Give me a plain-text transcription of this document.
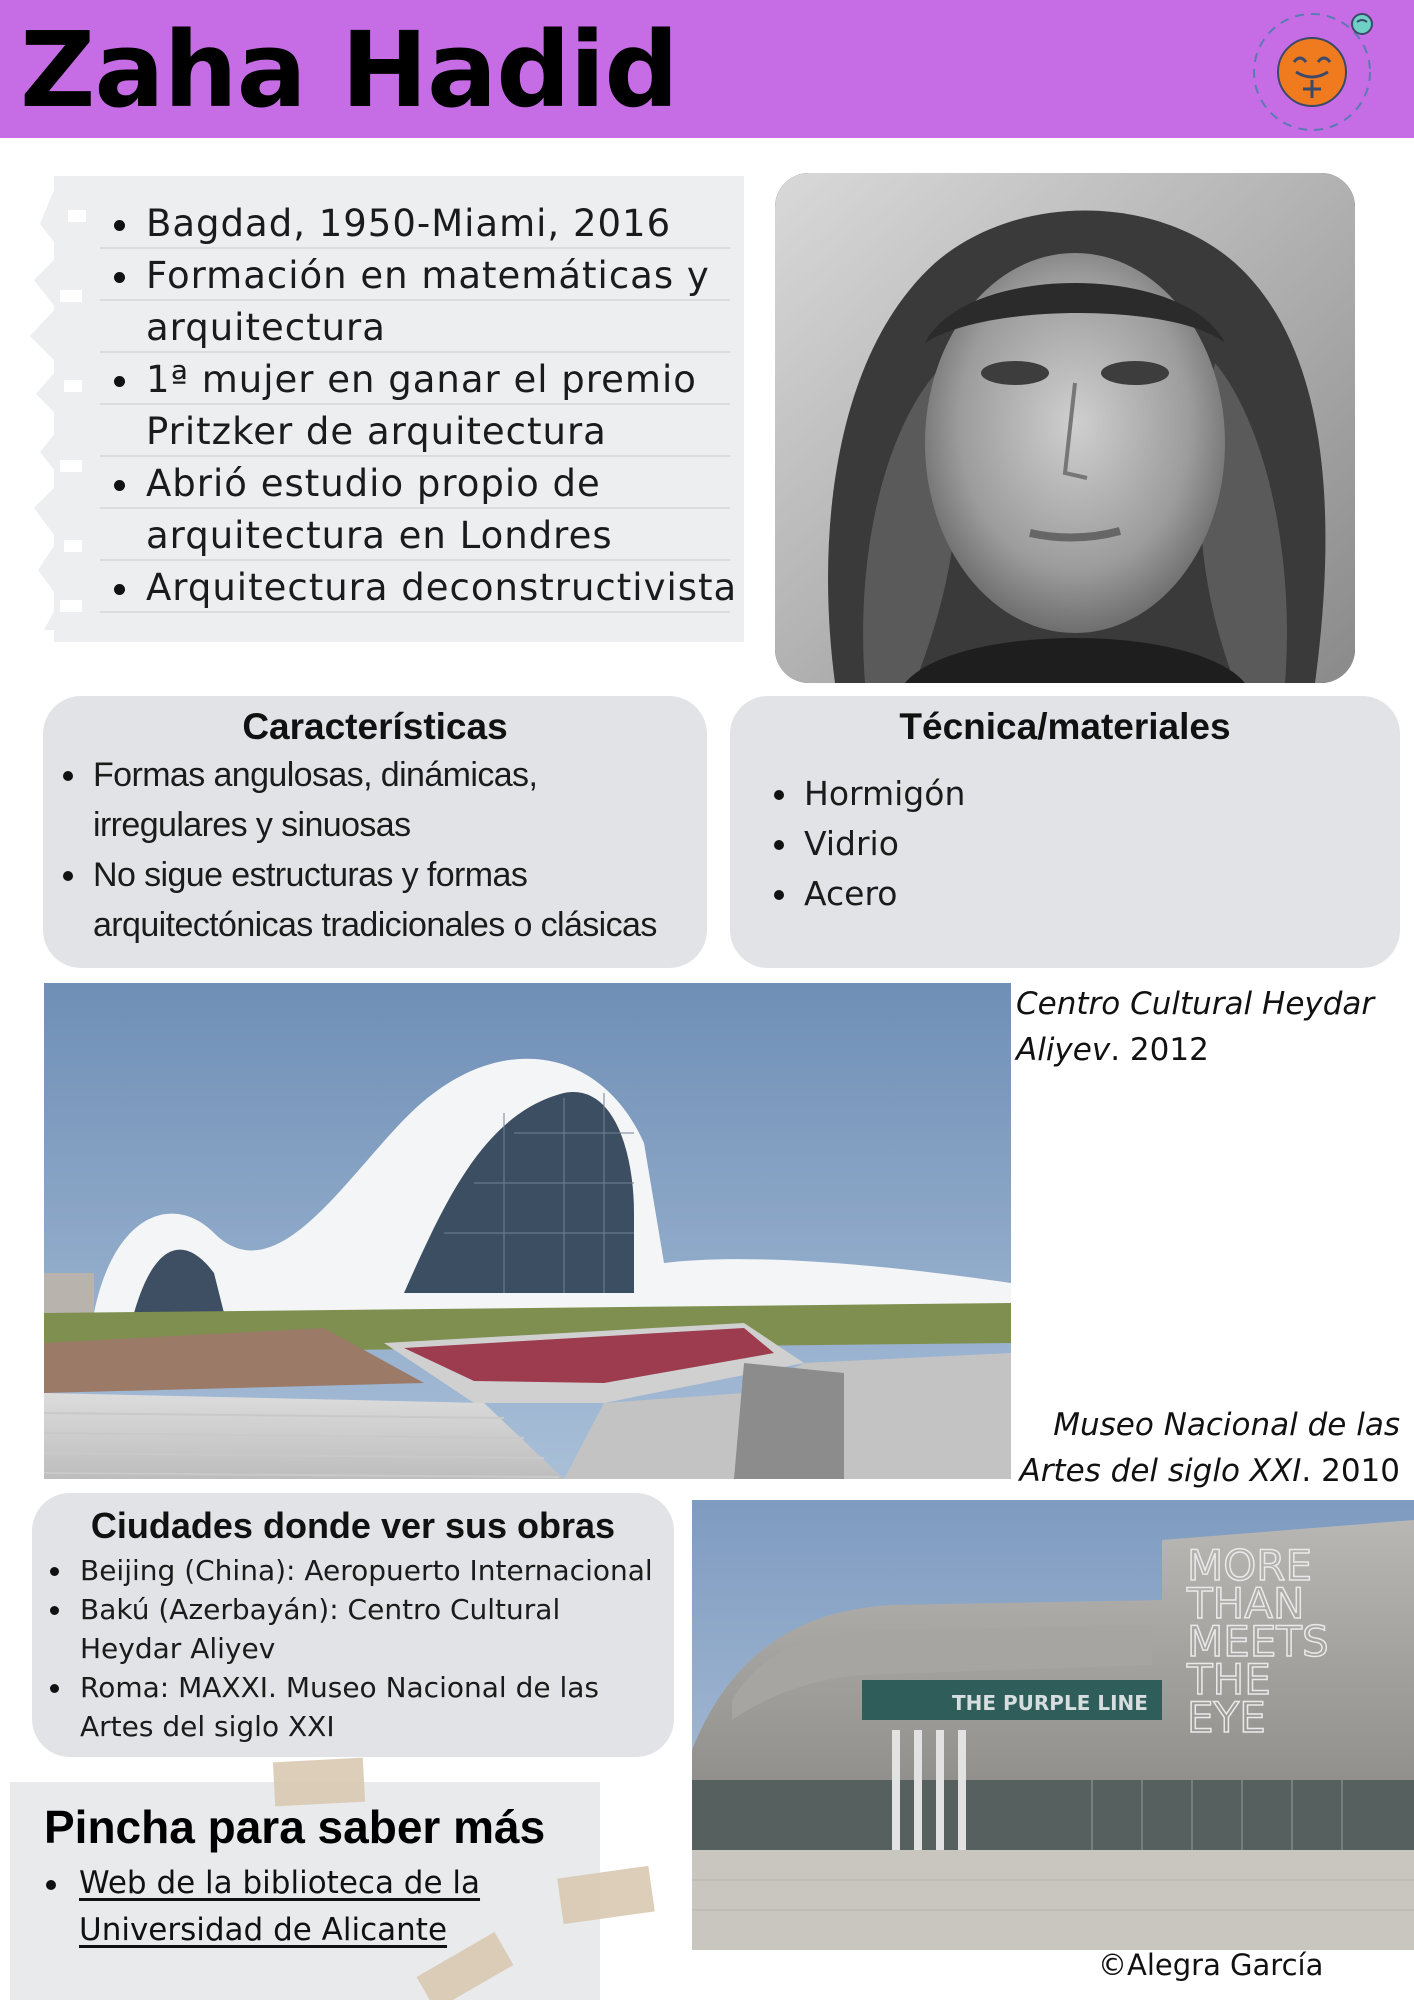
Zaha Hadid
Bagdad, 1950-Miami, 2016
Formación en matemáticas y arquitectura
1ª mujer en ganar el premio Pritzker de arquitectura
Abrió estudio propio de arquitectura en Londres
Arquitectura deconstructivista
Características
Formas angulosas, dinámicas, irregulares y sinuosas
No sigue estructuras y formas arquitectónicas tradicionales o clásicas
Técnica/materiales
Hormigón
Vidrio
Acero
Centro Cultural Heydar Aliyev. 2012
Museo Nacional de las Artes del siglo XXI. 2010
Ciudades donde ver sus obras
Beijing (China): Aeropuerto Internacional
Bakú (Azerbayán): Centro Cultural Heydar Aliyev
Roma: MAXXI. Museo Nacional de las Artes del siglo XXI
THE PURPLE LINE
MORE
THAN
MEETS
THE
EYE
Pincha para saber más
Web de la biblioteca de la Universidad de Alicante
©Alegra García
